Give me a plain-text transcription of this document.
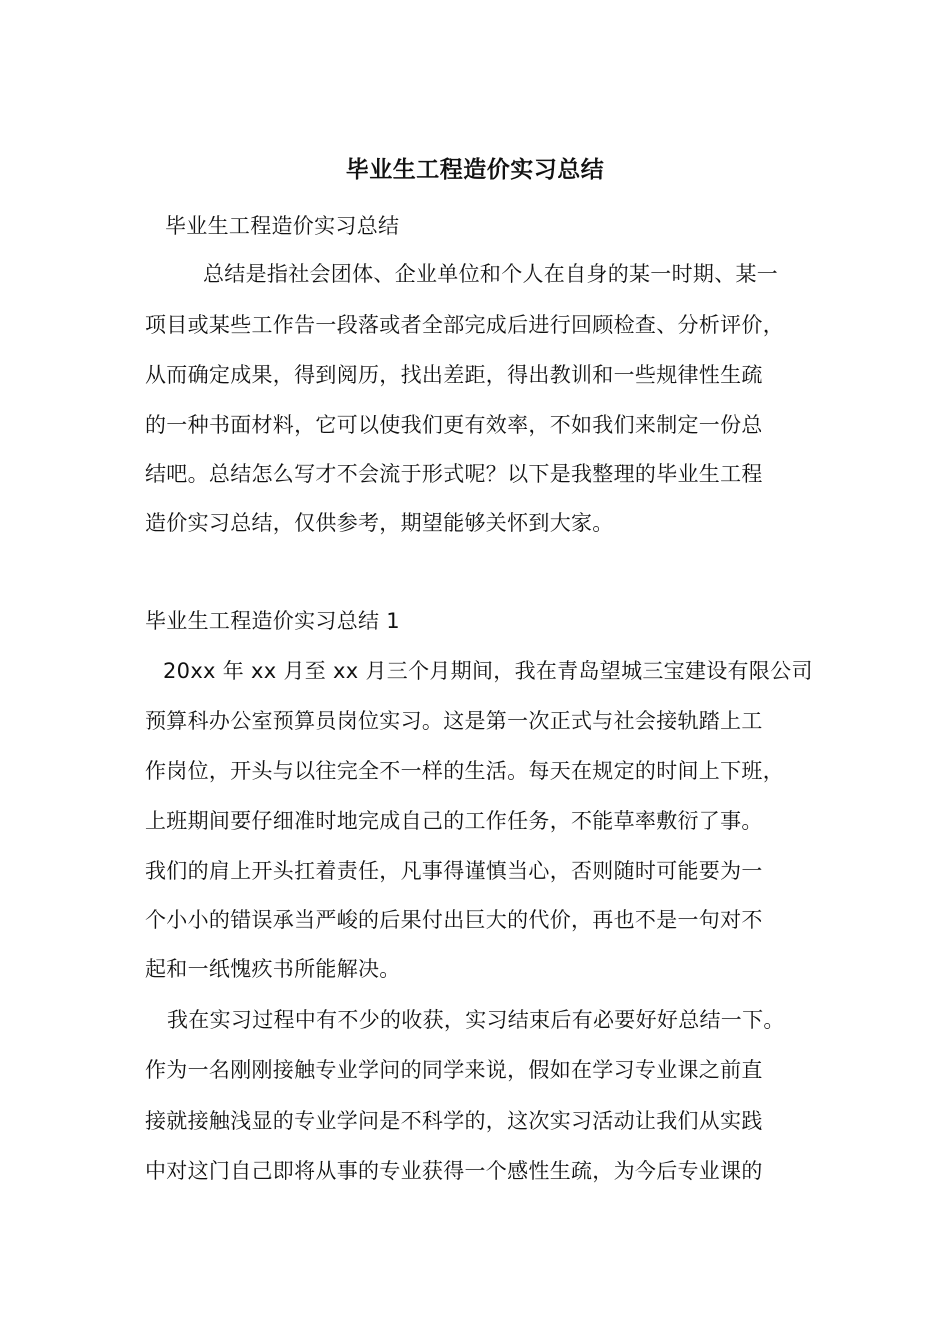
毕业生工程造价实习总结
毕业生工程造价实习总结
总结是指社会团体、企业单位和个人在自身的某一时期、某一
项目或某些工作告一段落或者全部完成后进行回顾检查、分析评价，
从而确定成果，得到阅历，找出差距，得出教训和一些规律性生疏
的一种书面材料，它可以使我们更有效率，不如我们来制定一份总
结吧。总结怎么写才不会流于形式呢？以下是我整理的毕业生工程
造价实习总结，仅供参考，期望能够关怀到大家。
毕业生工程造价实习总结 1
20xx 年 xx 月至 xx 月三个月期间，我在青岛望城三宝建设有限公司
预算科办公室预算员岗位实习。这是第一次正式与社会接轨踏上工
作岗位，开头与以往完全不一样的生活。每天在规定的时间上下班，
上班期间要仔细准时地完成自己的工作任务，不能草率敷衍了事。
我们的肩上开头扛着责任，凡事得谨慎当心，否则随时可能要为一
个小小的错误承当严峻的后果付出巨大的代价，再也不是一句对不
起和一纸愧疚书所能解决。
我在实习过程中有不少的收获，实习结束后有必要好好总结一下。
作为一名刚刚接触专业学问的同学来说，假如在学习专业课之前直
接就接触浅显的专业学问是不科学的，这次实习活动让我们从实践
中对这门自己即将从事的专业获得一个感性生疏，为今后专业课的
